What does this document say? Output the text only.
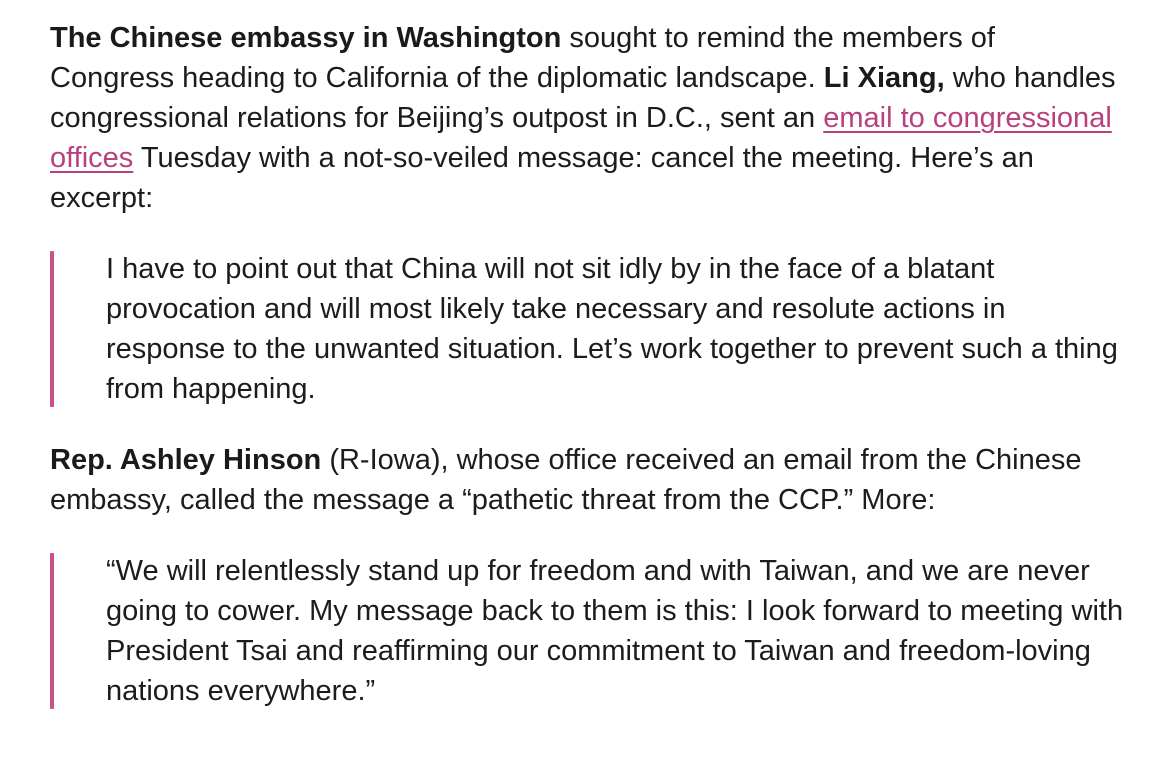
The Chinese embassy in Washington sought to remind the members of Congress heading to California of the diplomatic landscape. Li Xiang, who handles congressional relations for Beijing’s outpost in D.C., sent an email to congressional offices Tuesday with a not-so-veiled message: cancel the meeting. Here’s an excerpt:

I have to point out that China will not sit idly by in the face of a blatant provocation and will most likely take necessary and resolute actions in response to the unwanted situation. Let’s work together to prevent such a thing from happening.

Rep. Ashley Hinson (R-Iowa), whose office received an email from the Chinese embassy, called the message a “pathetic threat from the CCP.” More:

“We will relentlessly stand up for freedom and with Taiwan, and we are never going to cower. My message back to them is this: I look forward to meeting with President Tsai and reaffirming our commitment to Taiwan and freedom-loving nations everywhere.”
